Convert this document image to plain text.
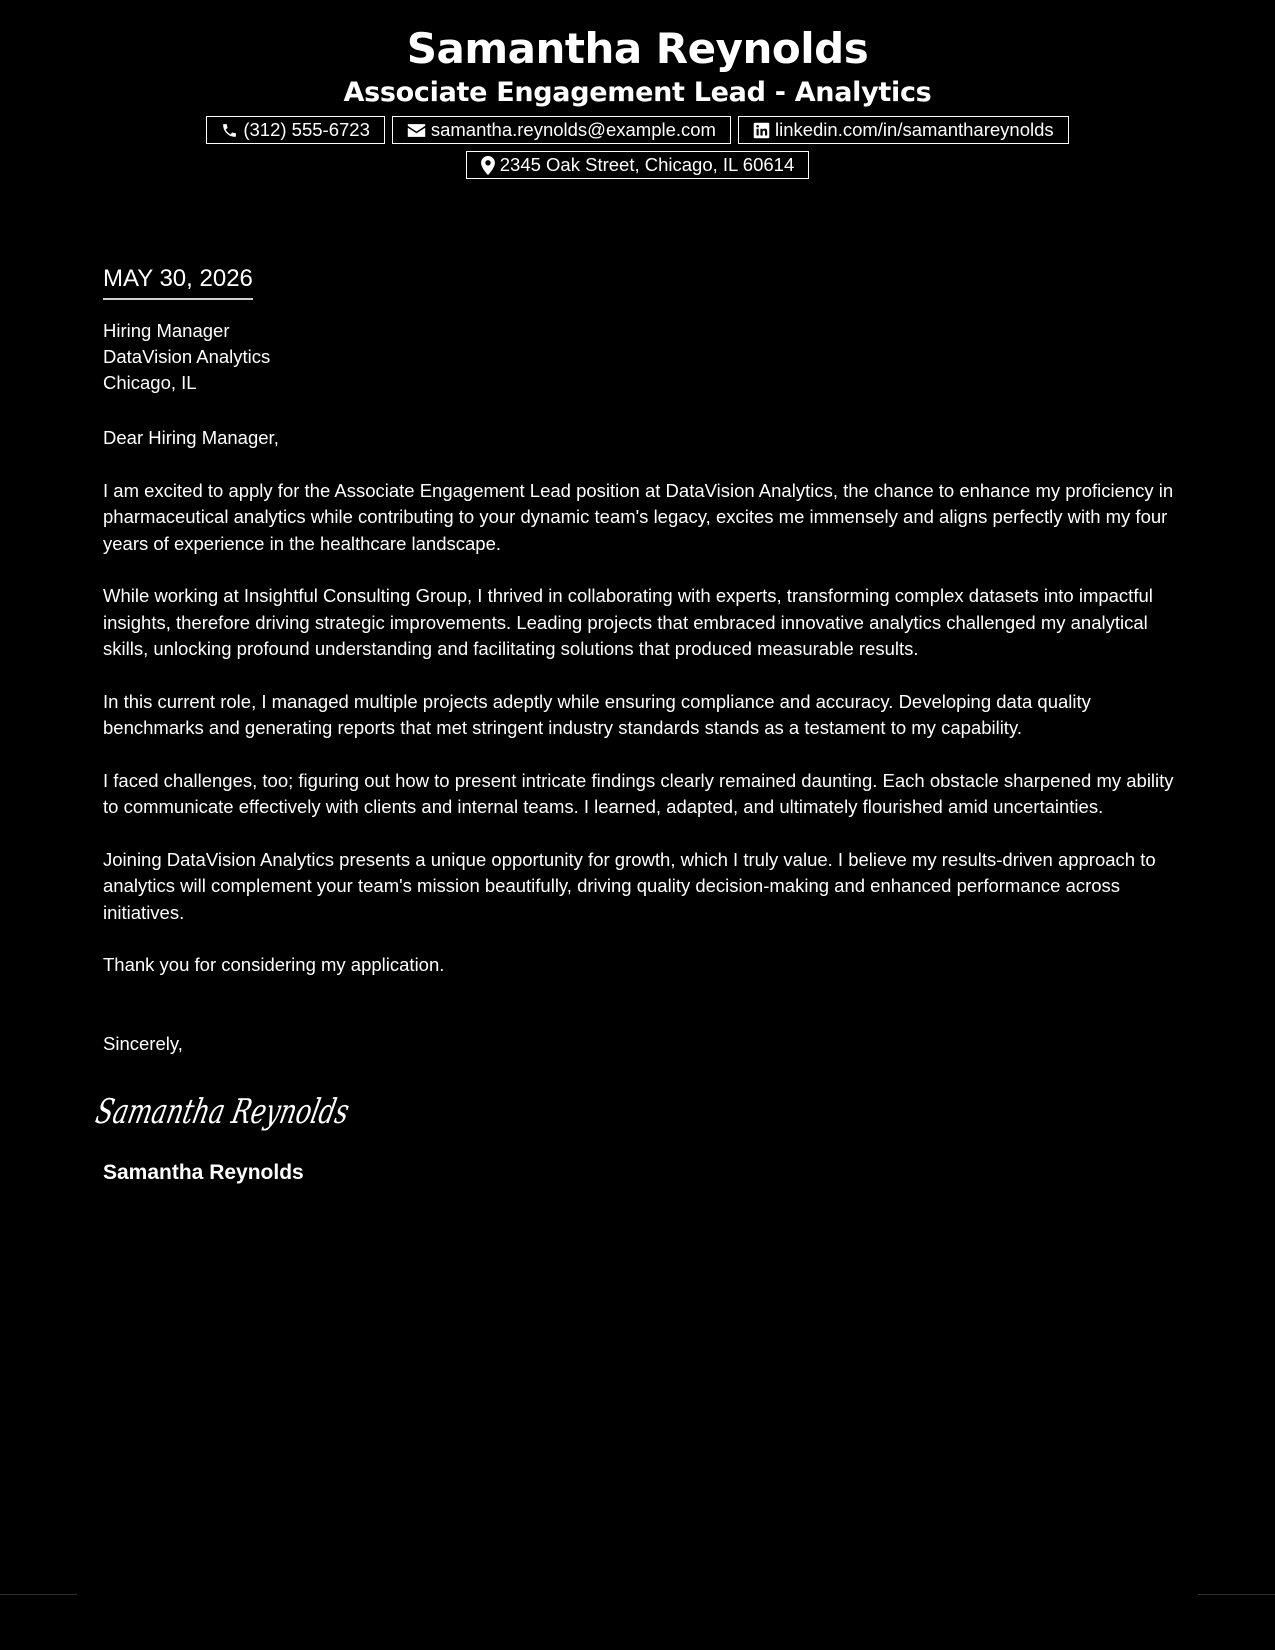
Samantha Reynolds
Associate Engagement Lead - Analytics
(312) 555-6723	samantha.reynolds@example.com	linkedin.com/in/samanthareynolds
2345 Oak Street, Chicago, IL 60614
MAY 30, 2026
Hiring Manager
DataVision Analytics
Chicago, IL

Dear Hiring Manager,

I am excited to apply for the Associate Engagement Lead position at DataVision Analytics, the chance to enhance my proficiency in pharmaceutical analytics while contributing to your dynamic team's legacy, excites me immensely and aligns perfectly with my four years of experience in the healthcare landscape.

While working at Insightful Consulting Group, I thrived in collaborating with experts, transforming complex datasets into impactful insights, therefore driving strategic improvements. Leading projects that embraced innovative analytics challenged my analytical skills, unlocking profound understanding and facilitating solutions that produced measurable results.

In this current role, I managed multiple projects adeptly while ensuring compliance and accuracy. Developing data quality benchmarks and generating reports that met stringent industry standards stands as a testament to my capability.

I faced challenges, too; figuring out how to present intricate findings clearly remained daunting. Each obstacle sharpened my ability to communicate effectively with clients and internal teams. I learned, adapted, and ultimately flourished amid uncertainties.

Joining DataVision Analytics presents a unique opportunity for growth, which I truly value. I believe my results-driven approach to analytics will complement your team's mission beautifully, driving quality decision-making and enhanced performance across initiatives.

Thank you for considering my application.

Sincerely,
Samantha Reynolds
Samantha Reynolds
